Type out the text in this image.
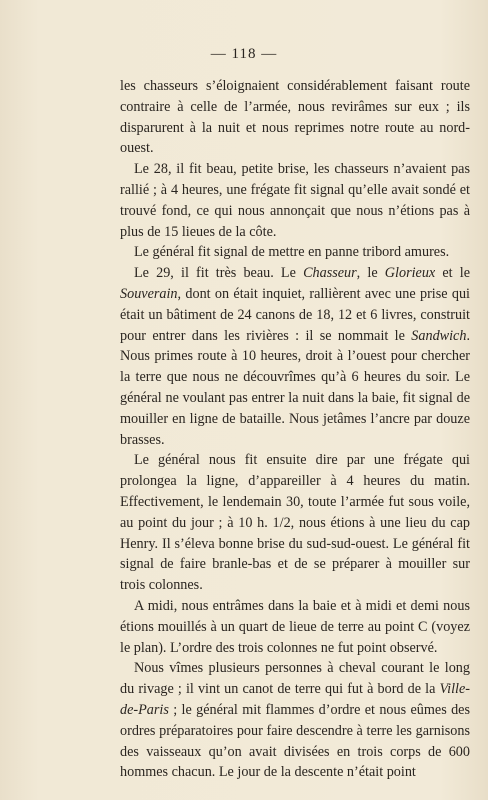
— 118 —

les chasseurs s’éloignaient considérablement faisant route contraire à celle de l’armée, nous revirâmes sur eux ; ils disparurent à la nuit et nous reprimes notre route au nord-ouest.

Le 28, il fit beau, petite brise, les chasseurs n’avaient pas rallié ; à 4 heures, une frégate fit signal qu’elle avait sondé et trouvé fond, ce qui nous annonçait que nous n’étions pas à plus de 15 lieues de la côte.

Le général fit signal de mettre en panne tribord amures.

Le 29, il fit très beau. Le Chasseur, le Glorieux et le Souverain, dont on était inquiet, rallièrent avec une prise qui était un bâtiment de 24 canons de 18, 12 et 6 livres, construit pour entrer dans les rivières : il se nommait le Sandwich. Nous primes route à 10 heures, droit à l’ouest pour chercher la terre que nous ne découvrîmes qu’à 6 heures du soir. Le général ne voulant pas entrer la nuit dans la baie, fit signal de mouiller en ligne de bataille. Nous jetâmes l’ancre par douze brasses.

Le général nous fit ensuite dire par une frégate qui prolongea la ligne, d’appareiller à 4 heures du matin. Effectivement, le lendemain 30, toute l’armée fut sous voile, au point du jour ; à 10 h. 1/2, nous étions à une lieu du cap Henry. Il s’éleva bonne brise du sud-sud-ouest. Le général fit signal de faire branle-bas et de se préparer à mouiller sur trois colonnes.

A midi, nous entrâmes dans la baie et à midi et demi nous étions mouillés à un quart de lieue de terre au point C (voyez le plan). L’ordre des trois colonnes ne fut point observé.

Nous vîmes plusieurs personnes à cheval courant le long du rivage ; il vint un canot de terre qui fut à bord de la Ville-de-Paris ; le général mit flammes d’ordre et nous eûmes des ordres préparatoires pour faire descendre à terre les garnisons des vaisseaux qu’on avait divisées en trois corps de 600 hommes chacun. Le jour de la descente n’était point
